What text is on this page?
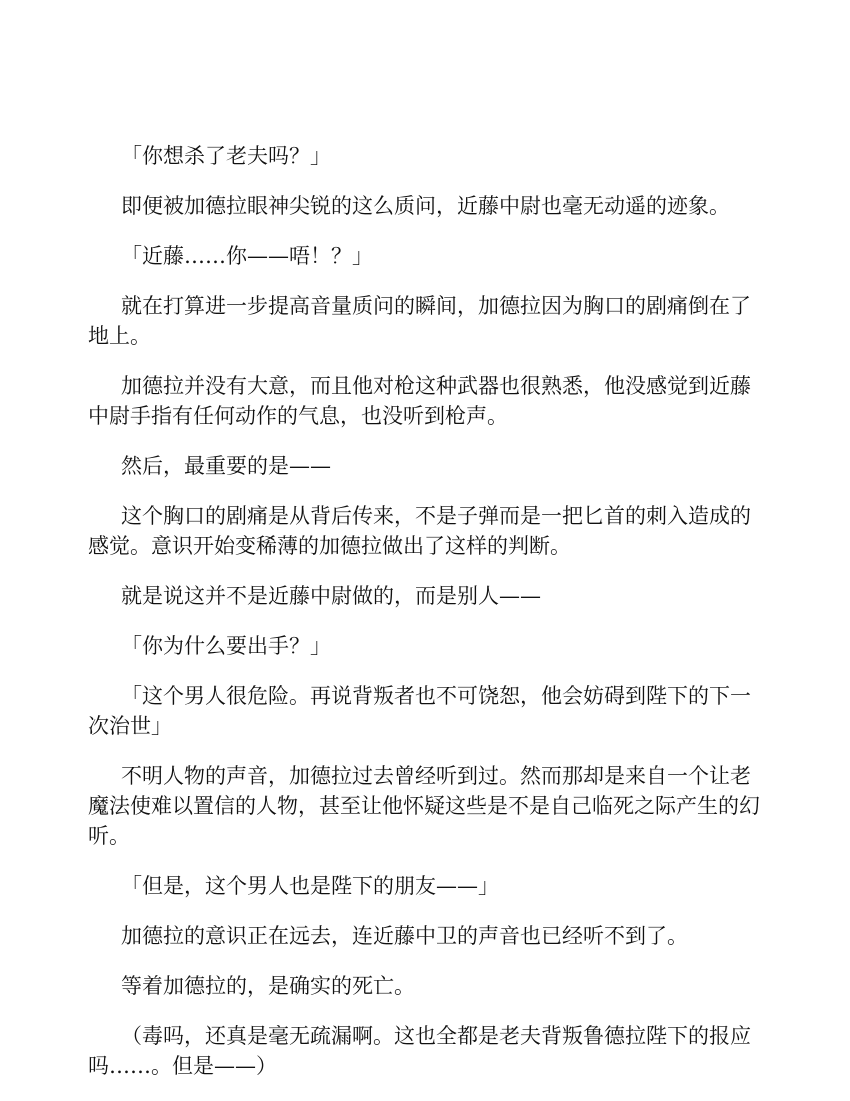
「你想杀了老夫吗？」

即便被加德拉眼神尖锐的这么质问，近藤中尉也毫无动遥的迹象。

「近藤……你——唔！？」

就在打算进一步提高音量质问的瞬间，加德拉因为胸口的剧痛倒在了地上。

加德拉并没有大意，而且他对枪这种武器也很熟悉，他没感觉到近藤中尉手指有任何动作的气息，也没听到枪声。

然后，最重要的是——

这个胸口的剧痛是从背后传来，不是子弹而是一把匕首的刺入造成的感觉。意识开始变稀薄的加德拉做出了这样的判断。

就是说这并不是近藤中尉做的，而是别人——

「你为什么要出手？」

「这个男人很危险。再说背叛者也不可饶恕，他会妨碍到陛下的下一次治世」

不明人物的声音，加德拉过去曾经听到过。然而那却是来自一个让老魔法使难以置信的人物，甚至让他怀疑这些是不是自己临死之际产生的幻听。

「但是，这个男人也是陛下的朋友——」

加德拉的意识正在远去，连近藤中卫的声音也已经听不到了。

等着加德拉的，是确实的死亡。

（毒吗，还真是毫无疏漏啊。这也全都是老夫背叛鲁德拉陛下的报应吗……。但是——）
